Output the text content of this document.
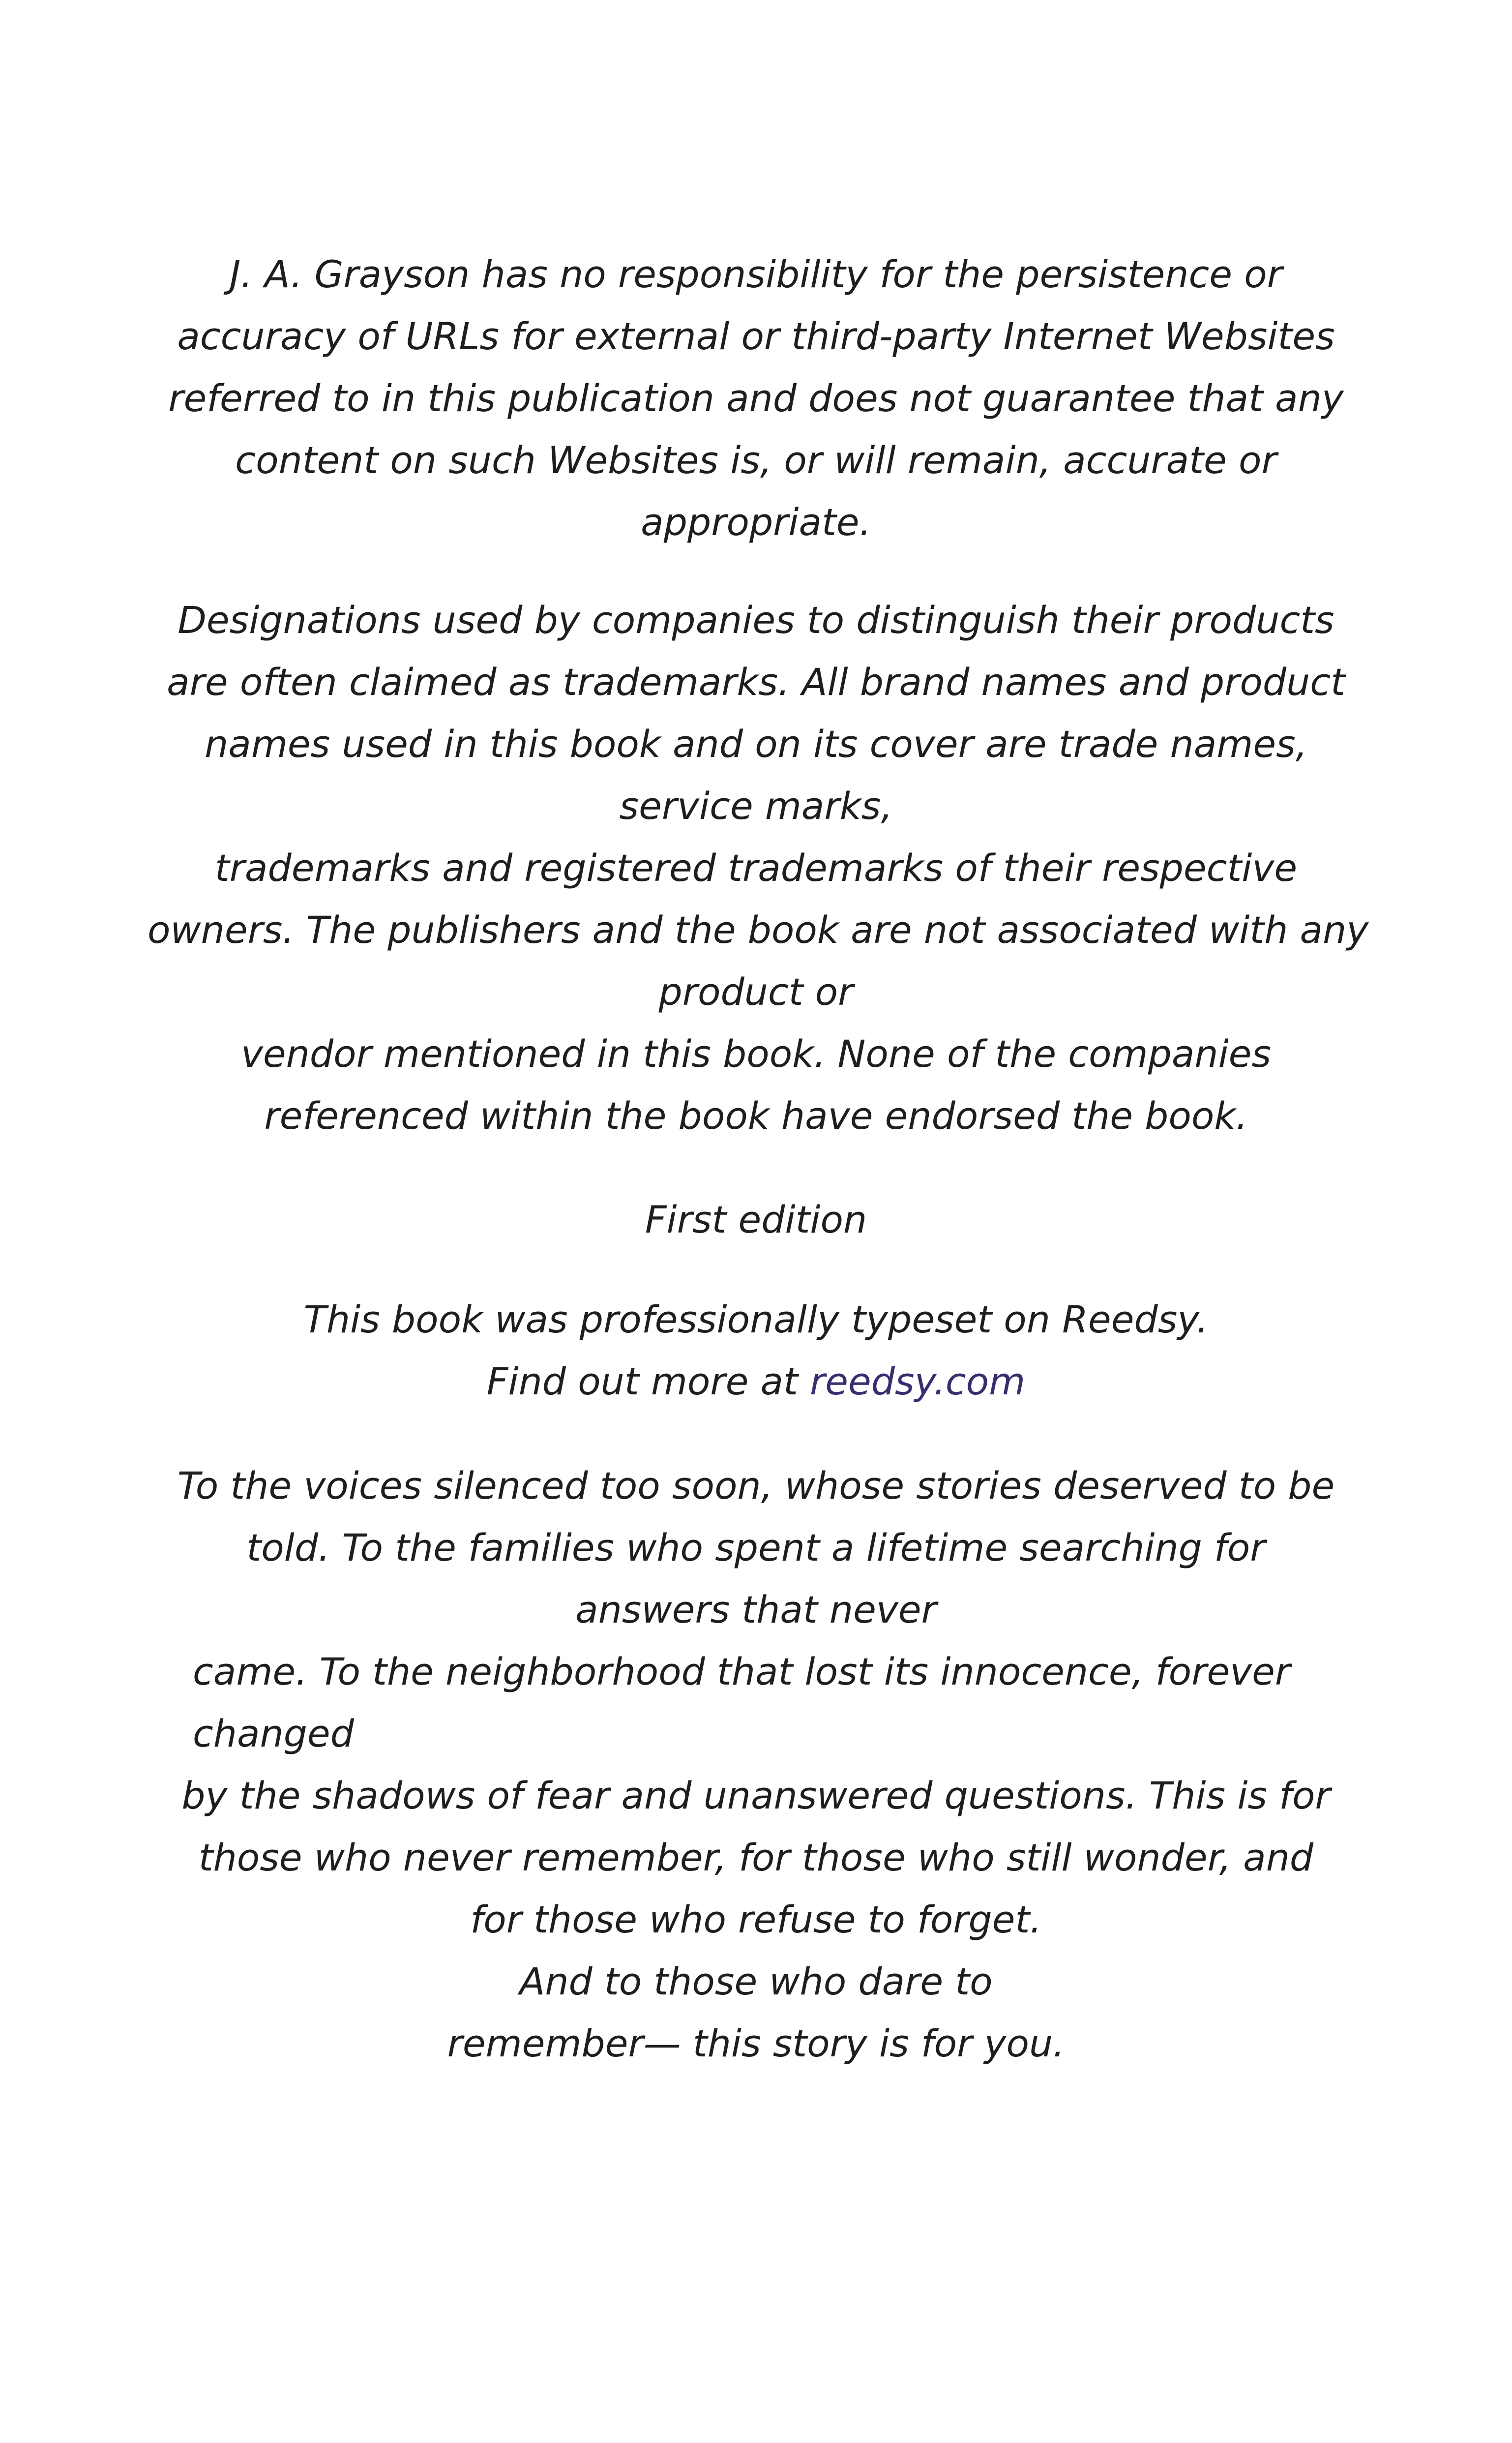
J. A. Grayson has no responsibility for the persistence or
accuracy of URLs for external or third-party Internet Websites
referred to in this publication and does not guarantee that any
content on such Websites is, or will remain, accurate or
appropriate.
Designations used by companies to distinguish their products
are often claimed as trademarks. All brand names and product
names used in this book and on its cover are trade names,
service marks,
trademarks and registered trademarks of their respective
owners. The publishers and the book are not associated with any
product or
vendor mentioned in this book. None of the companies
referenced within the book have endorsed the book.
First edition
This book was professionally typeset on Reedsy.
Find out more at reedsy.com
To the voices silenced too soon, whose stories deserved to be
told. To the families who spent a lifetime searching for
answers that never
came. To the neighborhood that lost its innocence, forever
changed
by the shadows of fear and unanswered questions. This is for
those who never remember, for those who still wonder, and
for those who refuse to forget.
And to those who dare to
remember— this story is for you.
